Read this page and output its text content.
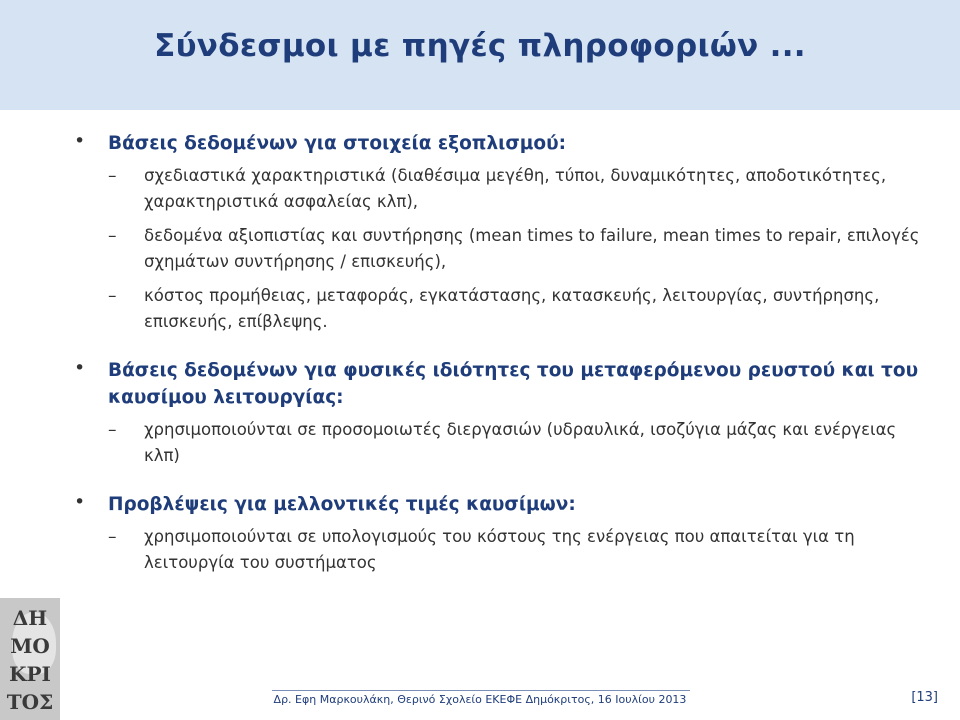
Σύνδεσμοι με πηγές πληροφοριών ...
• Βάσεις δεδομένων για στοιχεία εξοπλισμού:
– σχεδιαστικά χαρακτηριστικά (διαθέσιμα μεγέθη, τύποι, δυναμικότητες, αποδοτικότητες, χαρακτηριστικά ασφαλείας κλπ),
– δεδομένα αξιοπιστίας και συντήρησης (mean times to failure, mean times to repair, επιλογές σχημάτων συντήρησης / επισκευής),
– κόστος προμήθειας, μεταφοράς, εγκατάστασης, κατασκευής, λειτουργίας, συντήρησης, επισκευής, επίβλεψης.
• Βάσεις δεδομένων για φυσικές ιδιότητες του μεταφερόμενου ρευστού και του καυσίμου λειτουργίας:
– χρησιμοποιούνται σε προσομοιωτές διεργασιών (υδραυλικά, ισοζύγια μάζας και ενέργειας κλπ)
• Προβλέψεις για μελλοντικές τιμές καυσίμων:
– χρησιμοποιούνται σε υπολογισμούς του κόστους της ενέργειας που απαιτείται για τη λειτουργία του συστήματος
ΔΗ ΜΟ ΚΡΙ ΤΟΣ	Δρ. Εφη Μαρκουλάκη, Θερινό Σχολείο ΕΚΕΦΕ Δημόκριτος, 16 Ιουλίου 2013	[13]
